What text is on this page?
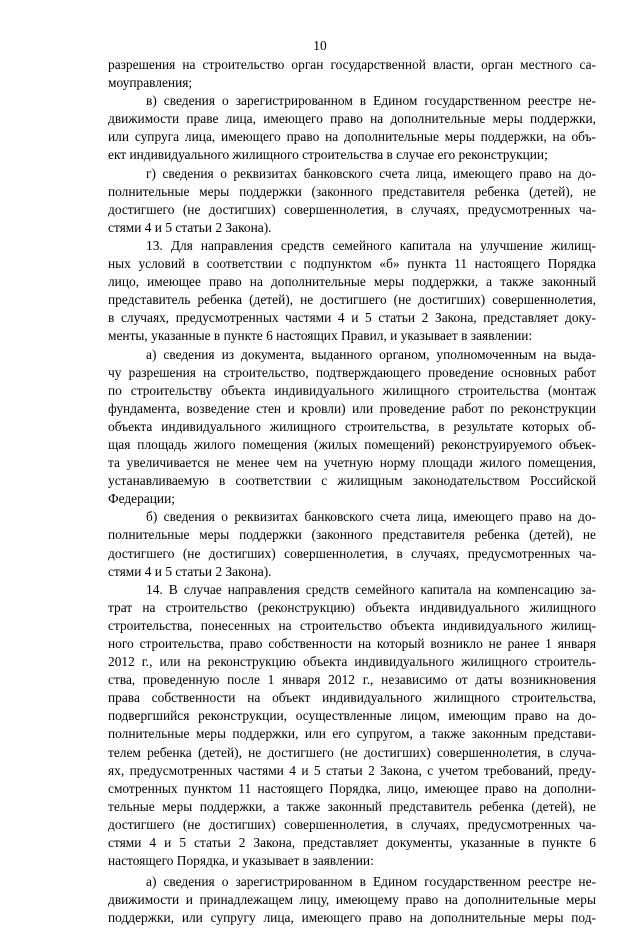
10
разрешения на строительство орган государственной власти, орган местного са-
моуправления;
в) сведения о зарегистрированном в Едином государственном реестре не-
движимости праве лица, имеющего право на дополнительные меры поддержки,
или супруга лица, имеющего право на дополнительные меры поддержки, на объ-
ект индивидуального жилищного строительства в случае его реконструкции;
г) сведения о реквизитах банковского счета лица, имеющего право на до-
полнительные меры поддержки (законного представителя ребенка (детей), не
достигшего (не достигших) совершеннолетия, в случаях, предусмотренных ча-
стями 4 и 5 статьи 2 Закона).
13. Для направления средств семейного капитала на улучшение жилищ-
ных условий в соответствии с подпунктом «б» пункта 11 настоящего Порядка
лицо, имеющее право на дополнительные меры поддержки, а также законный
представитель ребенка (детей), не достигшего (не достигших) совершеннолетия,
в случаях, предусмотренных частями 4 и 5 статьи 2 Закона, представляет доку-
менты, указанные в пункте 6 настоящих Правил, и указывает в заявлении:
а) сведения из документа, выданного органом, уполномоченным на выда-
чу разрешения на строительство, подтверждающего проведение основных работ
по строительству объекта индивидуального жилищного строительства (монтаж
фундамента, возведение стен и кровли) или проведение работ по реконструкции
объекта индивидуального жилищного строительства, в результате которых об-
щая площадь жилого помещения (жилых помещений) реконструируемого объек-
та увеличивается не менее чем на учетную норму площади жилого помещения,
устанавливаемую в соответствии с жилищным законодательством Российской
Федерации;
б) сведения о реквизитах банковского счета лица, имеющего право на до-
полнительные меры поддержки (законного представителя ребенка (детей), не
достигшего (не достигших) совершеннолетия, в случаях, предусмотренных ча-
стями 4 и 5 статьи 2 Закона).
14. В случае направления средств семейного капитала на компенсацию за-
трат на строительство (реконструкцию) объекта индивидуального жилищного
строительства, понесенных на строительство объекта индивидуального жилищ-
ного строительства, право собственности на который возникло не ранее 1 января
2012 г., или на реконструкцию объекта индивидуального жилищного строитель-
ства, проведенную после 1 января 2012 г., независимо от даты возникновения
права собственности на объект индивидуального жилищного строительства,
подвергшийся реконструкции, осуществленные лицом, имеющим право на до-
полнительные меры поддержки, или его супругом, а также законным представи-
телем ребенка (детей), не достигшего (не достигших) совершеннолетия, в случа-
ях, предусмотренных частями 4 и 5 статьи 2 Закона, с учетом требований, преду-
смотренных пунктом 11 настоящего Порядка, лицо, имеющее право на дополни-
тельные меры поддержки, а также законный представитель ребенка (детей), не
достигшего (не достигших) совершеннолетия, в случаях, предусмотренных ча-
стями 4 и 5 статьи 2 Закона, представляет документы, указанные в пункте 6
настоящего Порядка, и указывает в заявлении:
а) сведения о зарегистрированном в Едином государственном реестре не-
движимости и принадлежащем лицу, имеющему право на дополнительные меры
поддержки, или супругу лица, имеющего право на дополнительные меры под-
